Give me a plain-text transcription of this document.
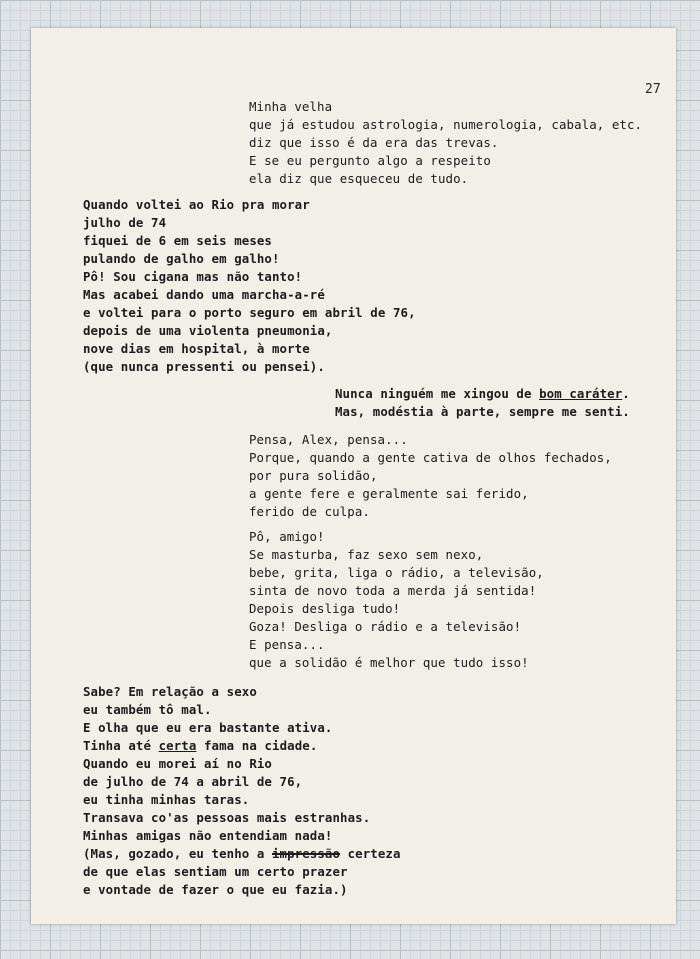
27
Minha velha
que já estudou astrologia, numerologia, cabala, etc.
diz que isso é da era das trevas.
E se eu pergunto algo a respeito
ela diz que esqueceu de tudo.
Quando voltei ao Rio pra morar
julho de 74
fiquei de 6 em seis meses
pulando de galho em galho!
Pô! Sou cigana mas não tanto!
Mas acabei dando uma marcha-a-ré
e voltei para o porto seguro em abril de 76,
depois de uma violenta pneumonia,
nove dias em hospital, à morte
(que nunca pressenti ou pensei).
Nunca ninguém me xingou de bom caráter.
Mas, modéstia à parte, sempre me senti.
Pensa, Alex, pensa...
Porque, quando a gente cativa de olhos fechados,
por pura solidão,
a gente fere e geralmente sai ferido,
ferido de culpa.
Pô, amigo!
Se masturba, faz sexo sem nexo,
bebe, grita, liga o rádio, a televisão,
sinta de novo toda a merda já sentida!
Depois desliga tudo!
Goza! Desliga o rádio e a televisão!
E pensa...
que a solidão é melhor que tudo isso!
Sabe? Em relação a sexo
eu também tô mal.
E olha que eu era bastante ativa.
Tinha até certa fama na cidade.
Quando eu morei aí no Rio
de julho de 74 a abril de 76,
eu tinha minhas taras.
Transava co'as pessoas mais estranhas.
Minhas amigas não entendiam nada!
(Mas, gozado, eu tenho a impressão certeza
de que elas sentiam um certo prazer
e vontade de fazer o que eu fazia.)
